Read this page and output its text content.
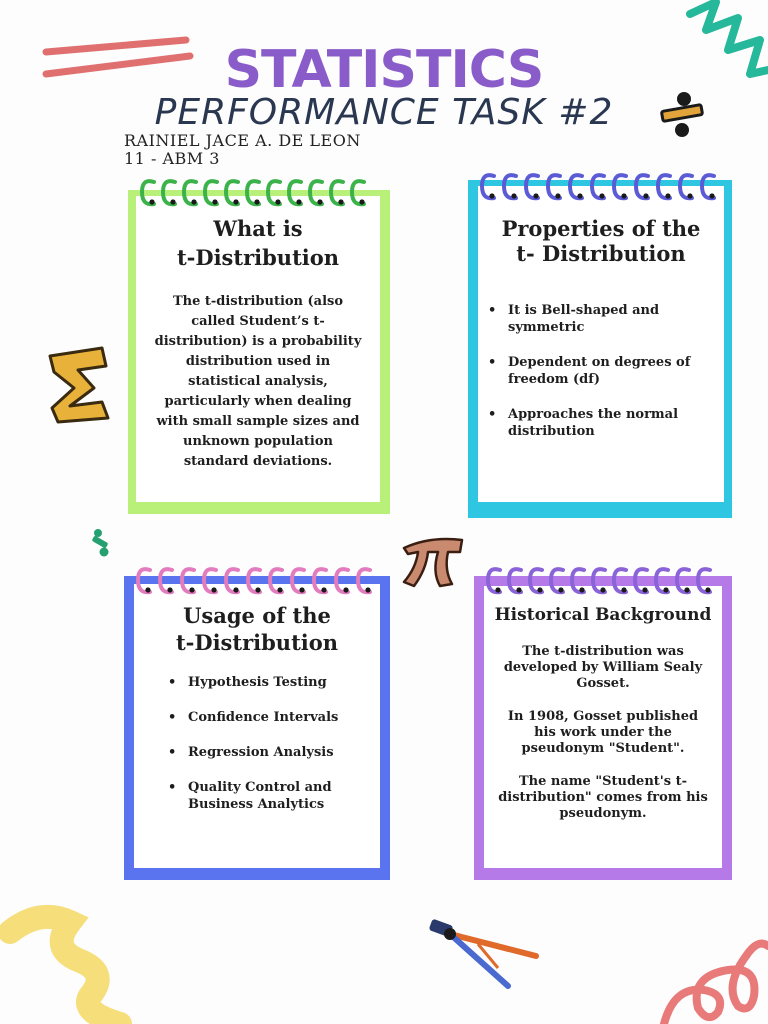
STATISTICS
PERFORMANCE TASK #2
RAINIEL JACE A. DE LEON
11 - ABM 3
What is
t-Distribution
The t-distribution (also called Student’s t-distribution) is a probability distribution used in statistical analysis, particularly when dealing with small sample sizes and unknown population standard deviations.
Properties of the
t- Distribution
• It is Bell-shaped and symmetric
• Dependent on degrees of freedom (df)
• Approaches the normal distribution
Usage of the
t-Distribution
• Hypothesis Testing
• Confidence Intervals
• Regression Analysis
• Quality Control and Business Analytics
Historical Background
The t-distribution was developed by William Sealy Gosset.
In 1908, Gosset published his work under the pseudonym "Student".
The name "Student's t-distribution" comes from his pseudonym.
